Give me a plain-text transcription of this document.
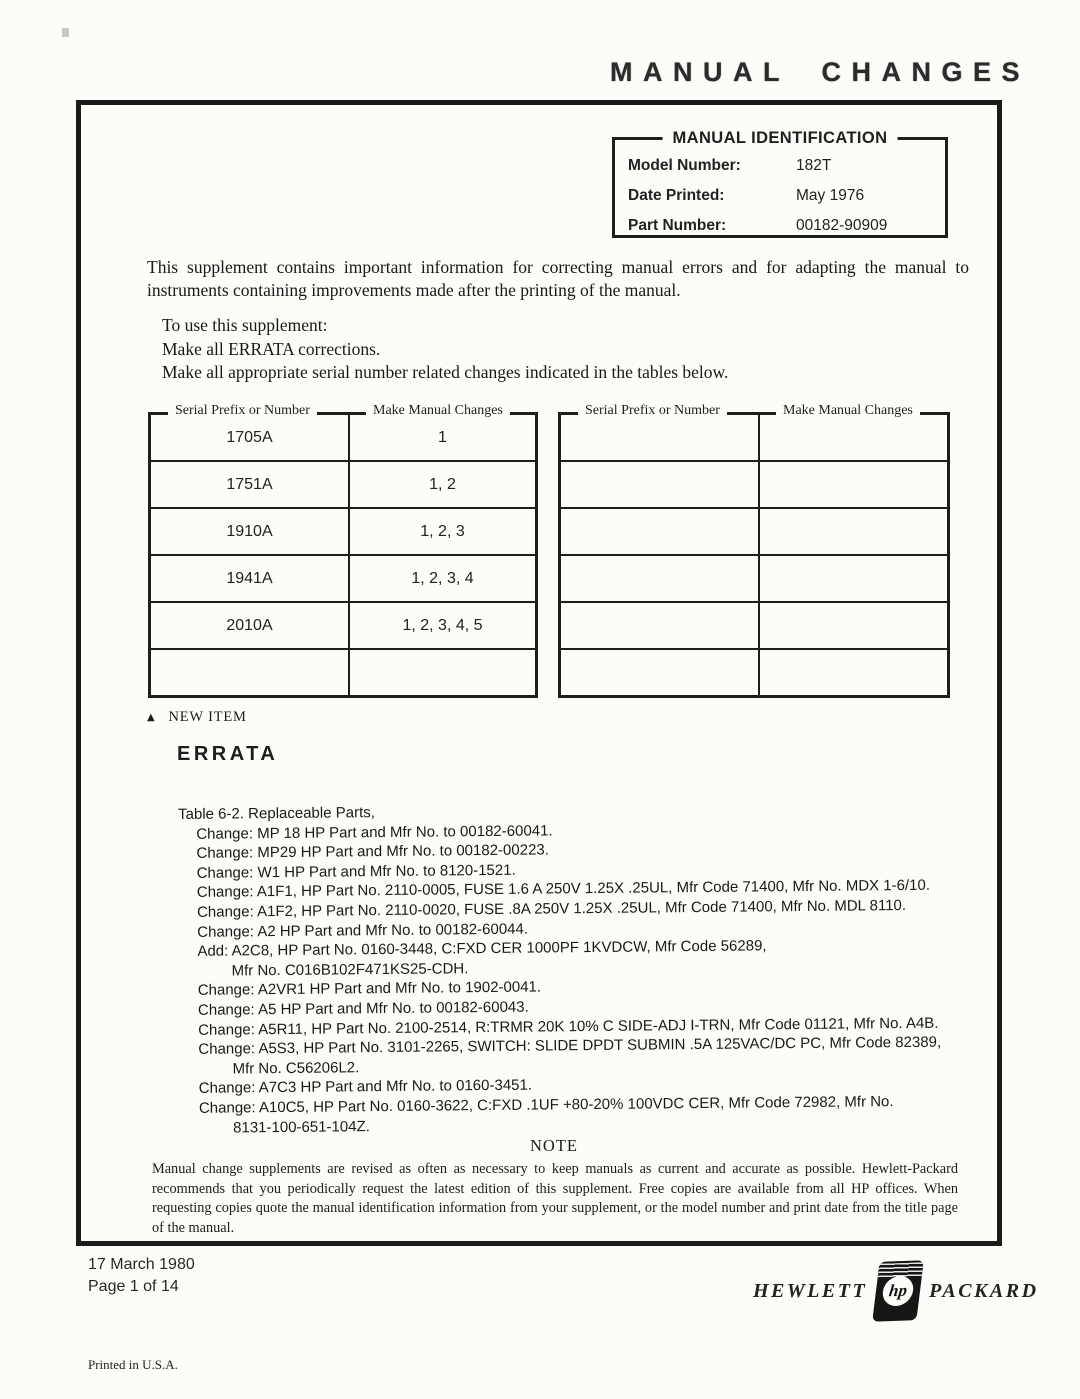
MANUAL CHANGES
MANUAL IDENTIFICATION
Model Number:	182T
Date Printed:	May 1976
Part Number:	00182-90909

This supplement contains important information for correcting manual errors and for adapting the manual to instruments containing improvements made after the printing of the manual.

To use this supplement:
Make all ERRATA corrections.
Make all appropriate serial number related changes indicated in the tables below.
Serial Prefix or Number	Make Manual Changes
1705A	1
1751A	1, 2
1910A	1, 2, 3
1941A	1, 2, 3, 4
2010A	1, 2, 3, 4, 5
Serial Prefix or Number	Make Manual Changes
▲ NEW ITEM
ERRATA
Table 6-2. Replaceable Parts,
Change: MP 18 HP Part and Mfr No. to 00182-60041.
Change: MP29 HP Part and Mfr No. to 00182-00223.
Change: W1 HP Part and Mfr No. to 8120-1521.
Change: A1F1, HP Part No. 2110-0005, FUSE 1.6 A 250V 1.25X .25UL, Mfr Code 71400, Mfr No. MDX 1-6/10.
Change: A1F2, HP Part No. 2110-0020, FUSE .8A 250V 1.25X .25UL, Mfr Code 71400, Mfr No. MDL 8110.
Change: A2 HP Part and Mfr No. to 00182-60044.
Add: A2C8, HP Part No. 0160-3448, C:FXD CER 1000PF 1KVDCW, Mfr Code 56289,
Mfr No. C016B102F471KS25-CDH.
Change: A2VR1 HP Part and Mfr No. to 1902-0041.
Change: A5 HP Part and Mfr No. to 00182-60043.
Change: A5R11, HP Part No. 2100-2514, R:TRMR 20K 10% C SIDE-ADJ I-TRN, Mfr Code 01121, Mfr No. A4B.
Change: A5S3, HP Part No. 3101-2265, SWITCH: SLIDE DPDT SUBMIN .5A 125VAC/DC PC, Mfr Code 82389,
Mfr No. C56206L2.
Change: A7C3 HP Part and Mfr No. to 0160-3451.
Change: A10C5, HP Part No. 0160-3622, C:FXD .1UF +80-20% 100VDC CER, Mfr Code 72982, Mfr No.
8131-100-651-104Z.
NOTE

Manual change supplements are revised as often as necessary to keep manuals as current and accurate as possible. Hewlett-Packard recommends that you periodically request the latest edition of this supplement. Free copies are available from all HP offices. When requesting copies quote the manual identification information from your supplement, or the model number and print date from the title page of the manual.

17 March 1980
Page 1 of 14	HEWLETT	hp	PACKARD
Printed in U.S.A.
